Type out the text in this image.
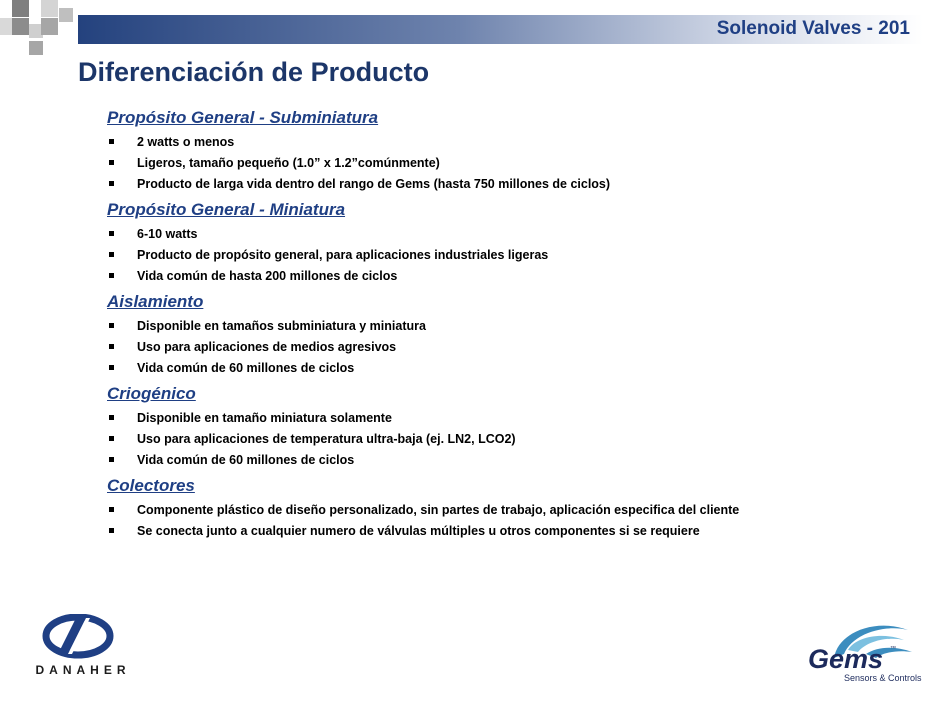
Solenoid Valves - 201
Diferenciación de Producto
Propósito General - Subminiatura
2 watts o menos
Ligeros, tamaño pequeño (1.0” x 1.2”comúnmente)
Producto de larga vida dentro del rango de Gems (hasta 750 millones de ciclos)
Propósito General - Miniatura
6-10 watts
Producto de propósito general, para aplicaciones industriales ligeras
Vida común de hasta 200 millones de ciclos
Aislamiento
Disponible en tamaños subminiatura y miniatura
Uso para aplicaciones de medios agresivos
Vida común de 60 millones de ciclos
Criogénico
Disponible en tamaño miniatura solamente
Uso para aplicaciones de temperatura ultra-baja (ej. LN2, LCO2)
Vida común de 60 millones de ciclos
Colectores
Componente plástico de diseño personalizado, sin partes de trabajo, aplicación especifica del cliente
Se conecta junto a cualquier numero de válvulas múltiples u otros componentes si se requiere
DANAHER	Gems ™
Sensors & Controls
